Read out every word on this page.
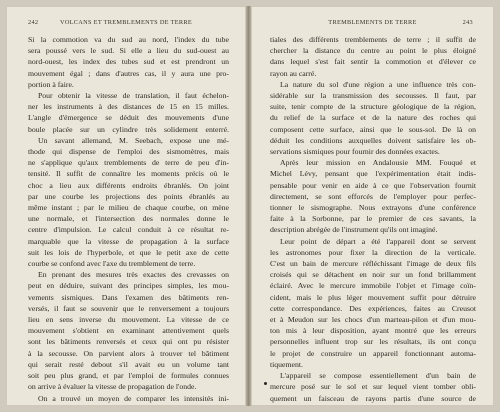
242	VOLCANS ET TREMBLEMENTS DE TERRE
Si la commotion va du sud au nord, l'index du tube
sera poussé vers le sud. Si elle a lieu du sud-ouest au
nord-ouest, les index des tubes sud et est prendront un
mouvement égal ; dans d'autres cas, il y aura une pro-
portion à faire.
Pour obtenir la vitesse de translation, il faut échelon-
ner les instruments à des distances de 15 en 15 milles.
L'angle d'émergence se déduit des mouvements d'une
boule placée sur un cylindre très solidement enterré.
Un savant allemand, M. Seebach, expose une mé-
thode qui dispense de l'emploi des sismomètres, mais
ne s'applique qu'aux tremblements de terre de peu d'in-
tensité. Il suffit de connaître les moments précis où le
choc a lieu aux différents endroits ébranlés. On joint
par une courbe les projections des points ébranlés au
même instant ; par le milieu de chaque courbe, on mène
une normale, et l'intersection des normales donne le
centre d'impulsion. Le calcul conduit à ce résultat re-
marquable que la vitesse de propagation à la surface
suit les lois de l'hyperbole, et que le petit axe de cette
courbe se confond avec l'axe du tremblement de terre.
En prenant des mesures très exactes des crevasses on
peut en déduire, suivant des principes simples, les mou-
vements sismiques. Dans l'examen des bâtiments ren-
versés, il faut se souvenir que le renversement a toujours
lieu en sens inverse du mouvement. La vitesse de ce
mouvement s'obtient en examinant attentivement quels
sont les bâtiments renversés et ceux qui ont pu résister
à la secousse. On parvient alors à trouver tel bâtiment
qui serait resté debout s'il avait eu un volume tant
soit peu plus grand, et par l'emploi de formules connues
on arrive à évaluer la vitesse de propagation de l'onde.
On a trouvé un moyen de comparer les intensités ini-
TREMBLEMENTS DE TERRE	243
tiales des différents tremblements de terre ; il suffit de
chercher la distance du centre au point le plus éloigné
dans lequel s'est fait sentir la commotion et d'élever ce
rayon au carré.
La nature du sol d'une région a une influence très con-
sidérable sur la transmission des secousses. Il faut, par
suite, tenir compte de la structure géologique de la région,
du relief de la surface et de la nature des roches qui
composent cette surface, ainsi que le sous-sol. De là on
déduit les conditions auxquelles doivent satisfaire les ob-
servations sismiques pour fournir des données exactes.
Après leur mission en Andalousie MM. Fouqué et
Michel Lévy, pensant que l'expérimentation était indis-
pensable pour venir en aide à ce que l'observation fournit
directement, se sont efforcés de l'employer pour perfec-
tionner le sismographe. Nous extrayons d'une conférence
faite à la Sorbonne, par le premier de ces savants, la
description abrégée de l'instrument qu'ils ont imaginé.
Leur point de départ a été l'appareil dont se servent
les astronomes pour fixer la direction de la verticale.
C'est un bain de mercure réfléchissant l'image de deux fils
croisés qui se détachent en noir sur un fond brillamment
éclairé. Avec le mercure immobile l'objet et l'image coïn-
cident, mais le plus léger mouvement suffit pour détruire
cette correspondance. Des expériences, faites au Creusot
et à Meudon sur les chocs d'un marteau-pilon et d'un mou-
ton mis à leur disposition, ayant montré que les erreurs
personnelles influent trop sur les résultats, ils ont conçu
le projet de construire un appareil fonctionnant automa-
tiquement.
L'appareil se compose essentiellement d'un bain de
mercure posé sur le sol et sur lequel vient tomber obli-
quement un faisceau de rayons partis d'une source de
